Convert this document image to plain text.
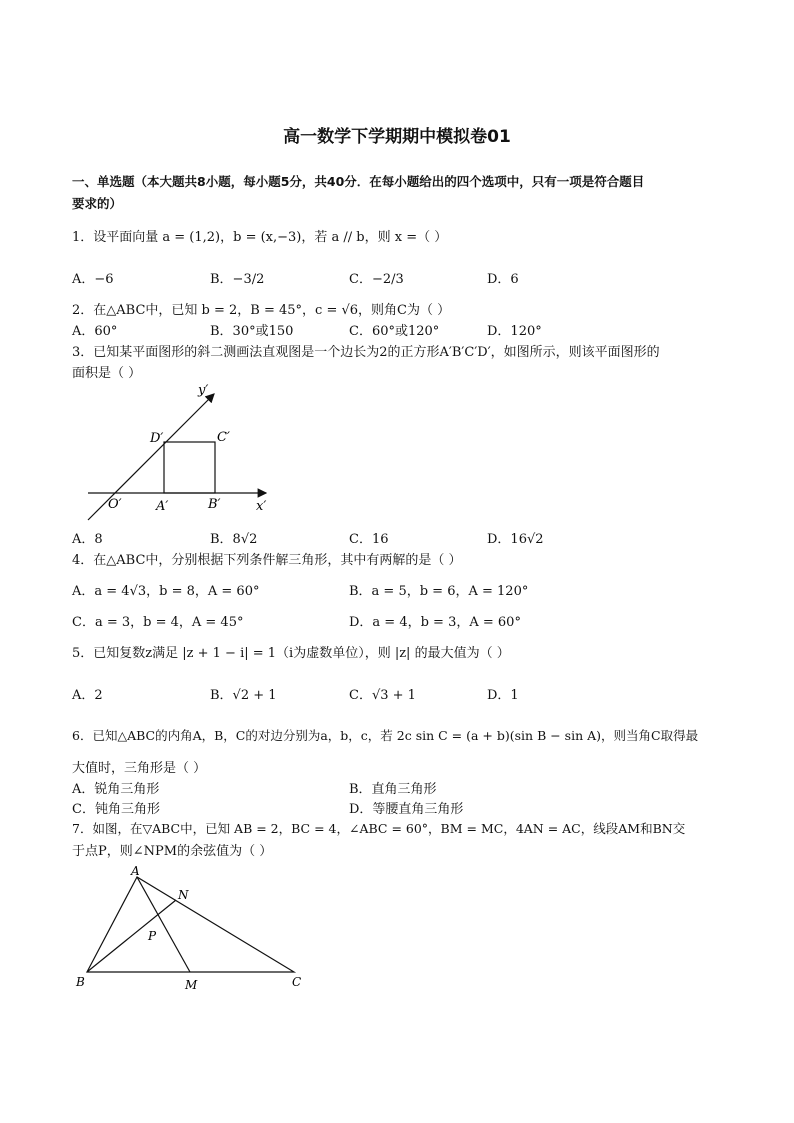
高一数学下学期期中模拟卷01
一、单选题（本大题共8小题，每小题5分，共40分．在每小题给出的四个选项中，只有一项是符合题目
要求的）
1．设平面向量 a = (1,2)，b = (x,−3)，若 a // b，则 x =（ ）
A．−6	B．−3/2	C．−2/3	D．6
2．在△ABC中，已知 b = 2，B = 45°，c = √6，则角C为（ ）
A．60°	B．30°或150	C．60°或120°	D．120°
3．已知某平面图形的斜二测画法直观图是一个边长为2的正方形A′B′C′D′，如图所示，则该平面图形的
面积是（ ）
y′
D′	C′
O′	A′	B′	x′
A．8	B．8√2	C．16	D．16√2
4．在△ABC中，分别根据下列条件解三角形，其中有两解的是（ ）
A．a = 4√3，b = 8，A = 60°	B．a = 5，b = 6，A = 120°
C．a = 3，b = 4，A = 45°	D．a = 4，b = 3，A = 60°
5．已知复数z满足 |z + 1 − i| = 1（i为虚数单位），则 |z| 的最大值为（ ）
A．2	B．√2 + 1	C．√3 + 1	D．1
6．已知△ABC的内角A，B，C的对边分别为a，b，c，若 2c sin C = (a + b)(sin B − sin A)，则当角C取得最
大值时，三角形是（ ）
A．锐角三角形	B．直角三角形
C．钝角三角形	D．等腰直角三角形
7．如图，在▽ABC中，已知 AB = 2，BC = 4，∠ABC = 60°，BM = MC，4AN = AC，线段AM和BN交
于点P，则∠NPM的余弦值为（ ）
A
N
P
B	M	C
